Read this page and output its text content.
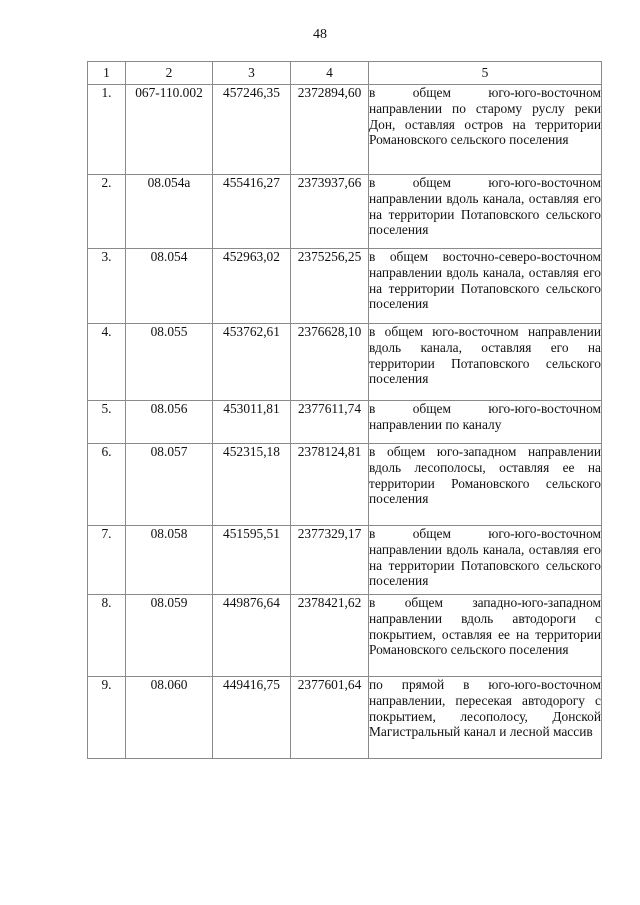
48
1	2	3	4	5
1.	067-110.002	457246,35	2372894,60	в общем юго-юго-восточном направлении по старому руслу реки Дон, оставляя остров на территории Романовского сельского поселения
2.	08.054а	455416,27	2373937,66	в общем юго-юго-восточном направлении вдоль канала, оставляя его на территории Потаповского сельского поселения
3.	08.054	452963,02	2375256,25	в общем восточно-северо-восточном направлении вдоль канала, оставляя его на территории Потаповского сельского поселения
4.	08.055	453762,61	2376628,10	в общем юго-восточном направлении вдоль канала, оставляя его на территории Потаповского сельского поселения
5.	08.056	453011,81	2377611,74	в общем юго-юго-восточном направлении по каналу
6.	08.057	452315,18	2378124,81	в общем юго-западном направлении вдоль лесополосы, оставляя ее на территории Романовского сельского поселения
7.	08.058	451595,51	2377329,17	в общем юго-юго-восточном направлении вдоль канала, оставляя его на территории Потаповского сельского поселения
8.	08.059	449876,64	2378421,62	в общем западно-юго-западном направлении вдоль автодороги с покрытием, оставляя ее на территории Романовского сельского поселения
9.	08.060	449416,75	2377601,64	по прямой в юго-юго-восточном направлении, пересекая автодорогу с покрытием, лесополосу, Донской Магистральный канал и лесной массив
